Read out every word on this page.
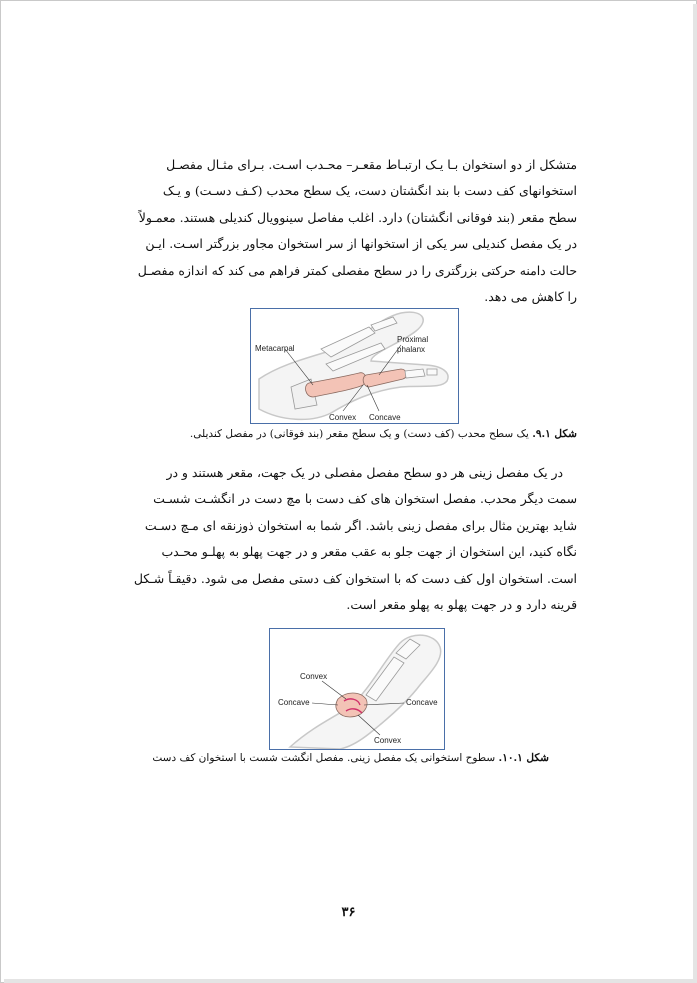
متشکل از دو استخوان بـا یـک ارتبـاط مقعـر– محـدب اسـت. بـرای مثـال مفصـل

استخوانهای کف دست با بند انگشتان دست، یک سطح محدب (کـف دسـت) و یـک

سطح مقعر (بند فوقانی انگشتان) دارد. اغلب مفاصل سینوویال کندیلی هستند. معمـولاً

در یک مفصل کندیلی سر یکی از استخوانها از سر استخوان مجاور بزرگتر اسـت. ایـن

حالت دامنه حرکتی بزرگتری را در سطح مفصلی کمتر فراهم می کند که اندازه مفصـل

را کاهش می دهد.

Metacarpal
Proximal
phalanx
Convex Concave
شکل ۹.۱. یک سطح محدب (کف دست) و یک سطح مقعر (بند فوقانی) در مفصل کندیلی.

در یک مفصل زینی هر دو سطح مفصل مفصلی در یک جهت، مقعر هستند و در

سمت دیگر محدب. مفصل استخوان های کف دست با مچ دست در انگشـت شسـت

شاید بهترین مثال برای مفصل زینی باشد. اگر شما به استخوان ذوزنقه ای مـچ دسـت

نگاه کنید، این استخوان از جهت جلو به عقب مقعر و در جهت پهلو به پهلـو محـدب

است. استخوان اول کف دست که با استخوان کف دستی مفصل می شود. دقیقـاً شـکل

قرینه دارد و در جهت پهلو به پهلو مقعر است.

Convex
Concave	Concave
Convex
شکل ۱۰.۱. سطوح استخوانی یک مفصل زینی. مفصل انگشت شست با استخوان کف دست
۳۶
